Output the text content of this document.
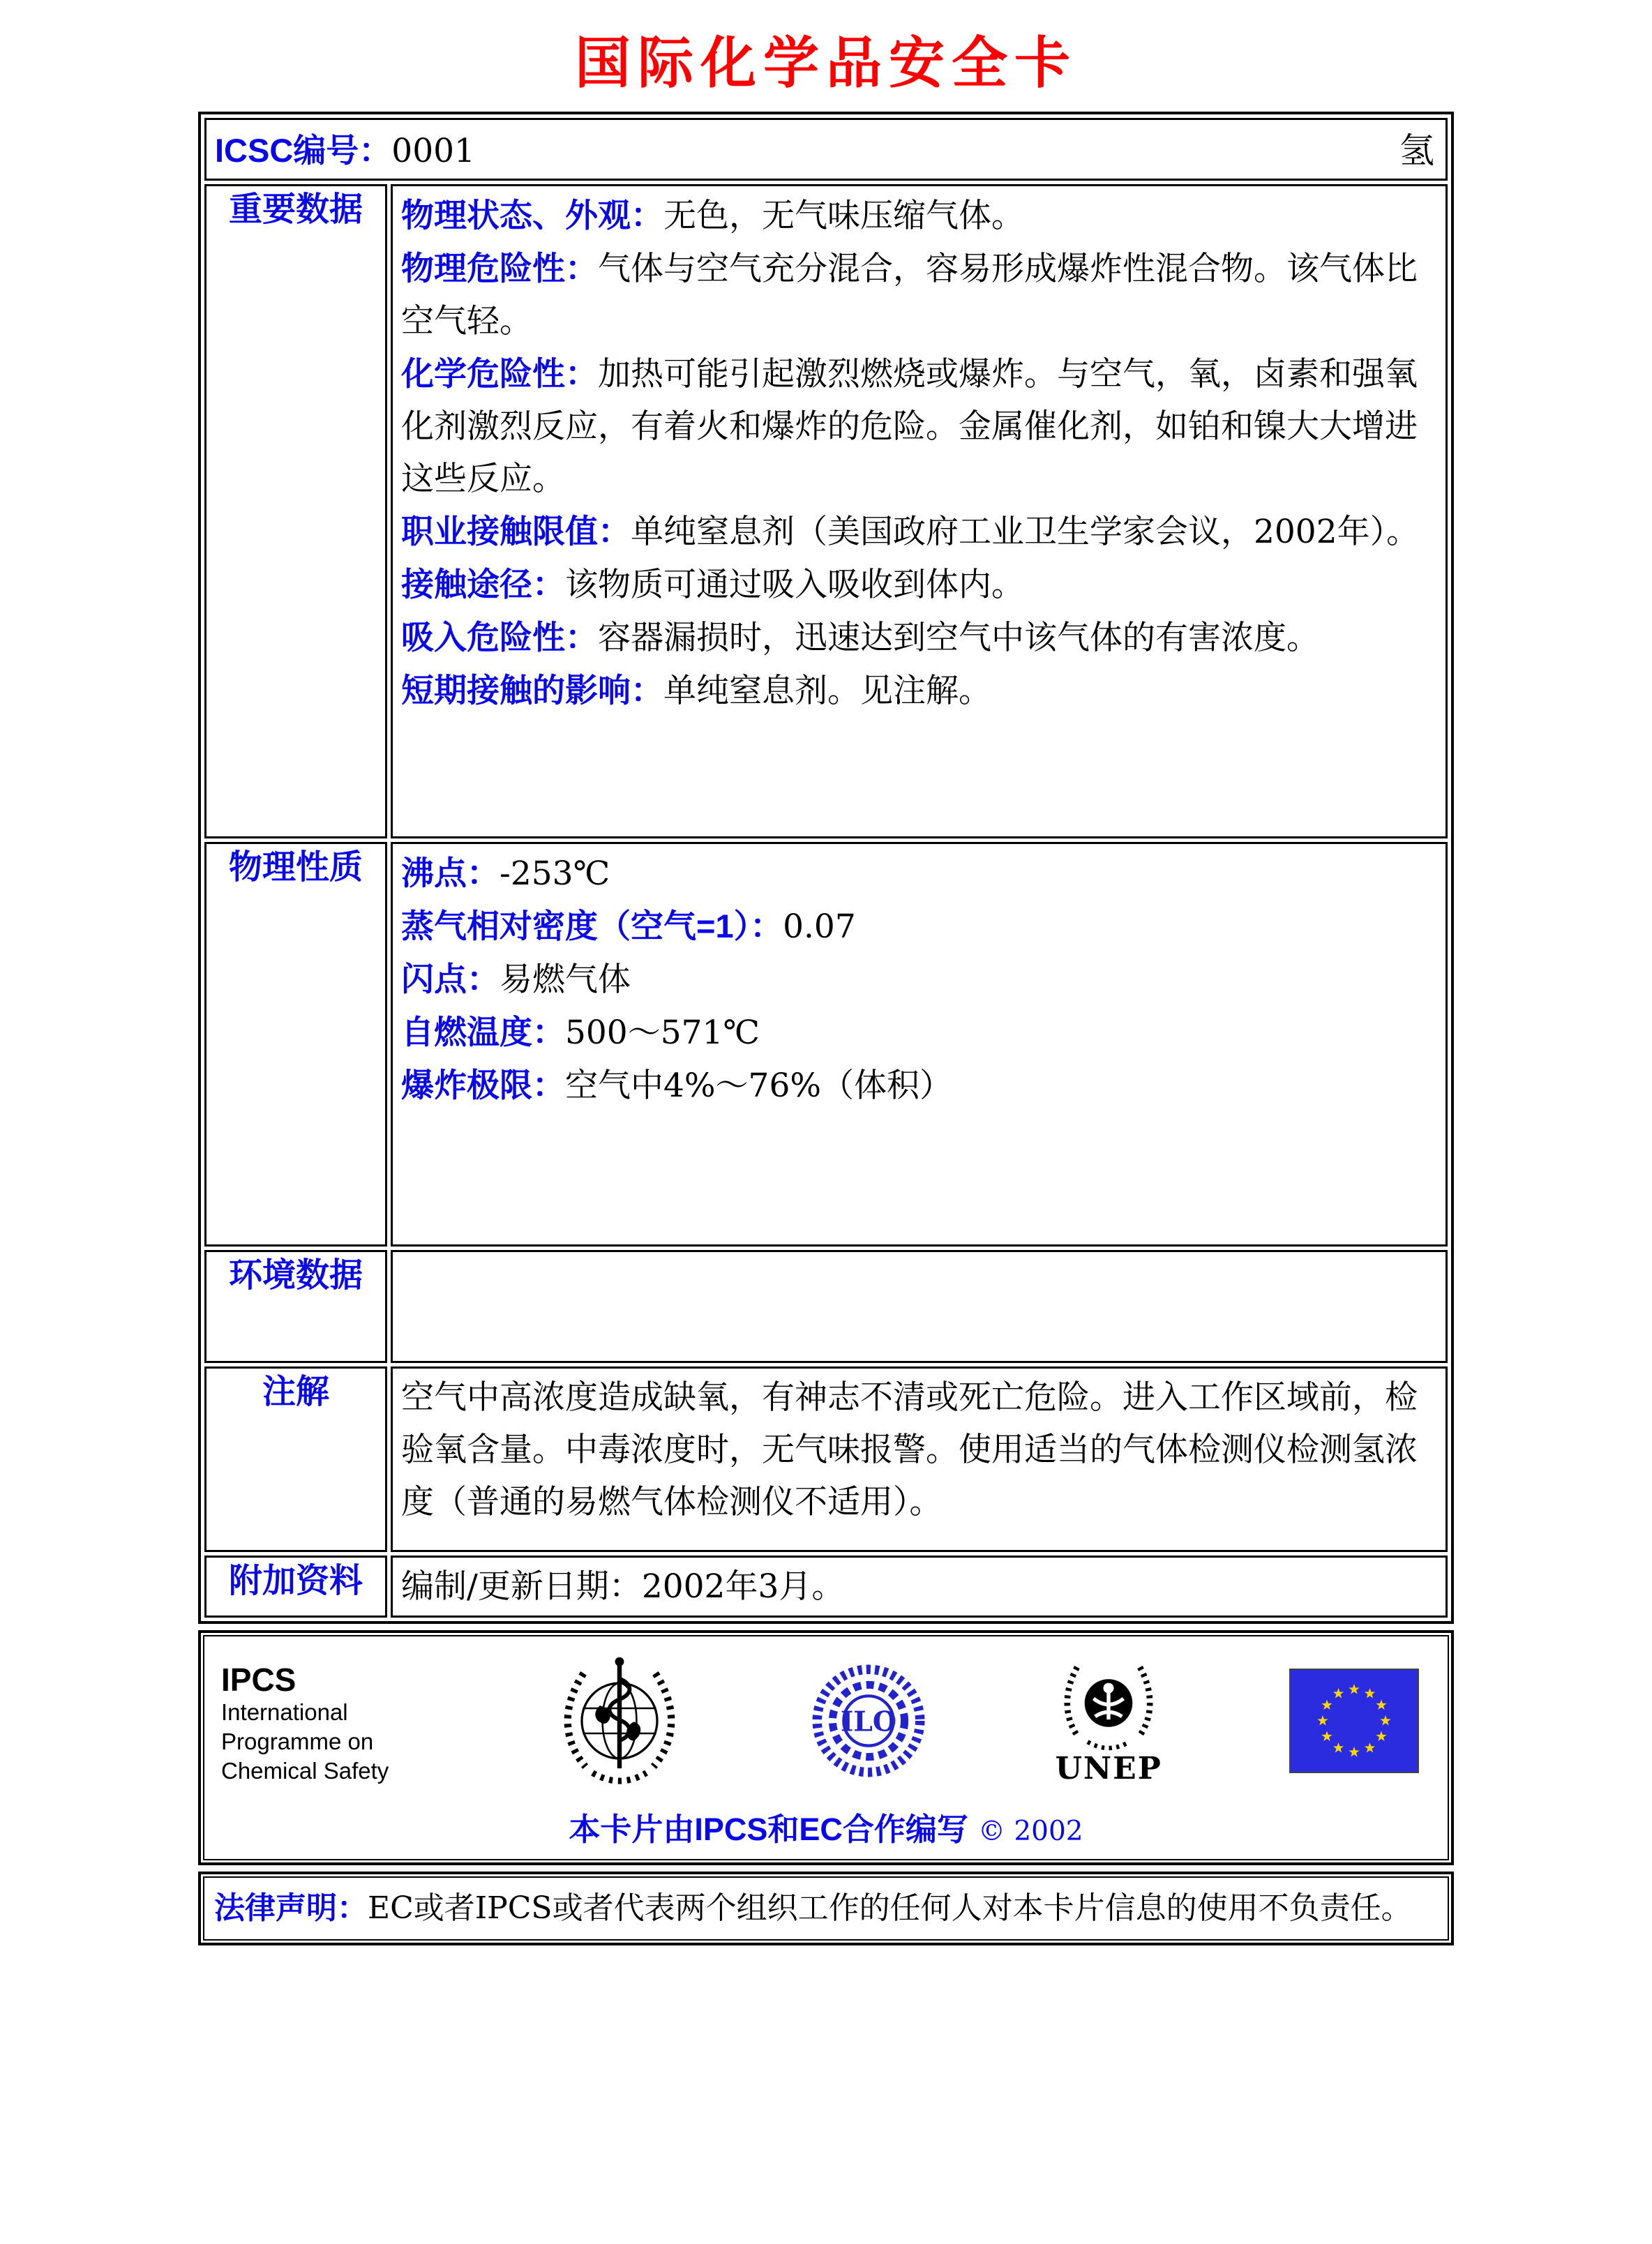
国际化学品安全卡
ICSC编号：0001 氢	

重要数据	物理状态、外观：无色，无气味压缩气体。
物理危险性：气体与空气充分混合，容易形成爆炸性混合物。该气体比空气轻。
化学危险性：加热可能引起激烈燃烧或爆炸。与空气，氧，卤素和强氧化剂激烈反应，有着火和爆炸的危险。金属催化剂，如铂和镍大大增进这些反应。
职业接触限值：单纯窒息剂（美国政府工业卫生学家会议，2002年）。
接触途径：该物质可通过吸入吸收到体内。
吸入危险性：容器漏损时，迅速达到空气中该气体的有害浓度。
短期接触的影响：单纯窒息剂。见注解。

物理性质	沸点：-253℃
蒸气相对密度（空气=1）：0.07
闪点：易燃气体
自燃温度：500～571℃
爆炸极限：空气中4%～76%（体积）

环境数据	
注解	空气中高浓度造成缺氧，有神志不清或死亡危险。进入工作区域前，检验氧含量。中毒浓度时，无气味报警。使用适当的气体检测仪检测氢浓度（普通的易燃气体检测仪不适用）。
附加资料	编制/更新日期：2002年3月。
IPCS
International
Programme on
Chemical Safety
ILO
UNEP
本卡片由IPCS和EC合作编写 © 2002
法律声明：EC或者IPCS或者代表两个组织工作的任何人对本卡片信息的使用不负责任。
